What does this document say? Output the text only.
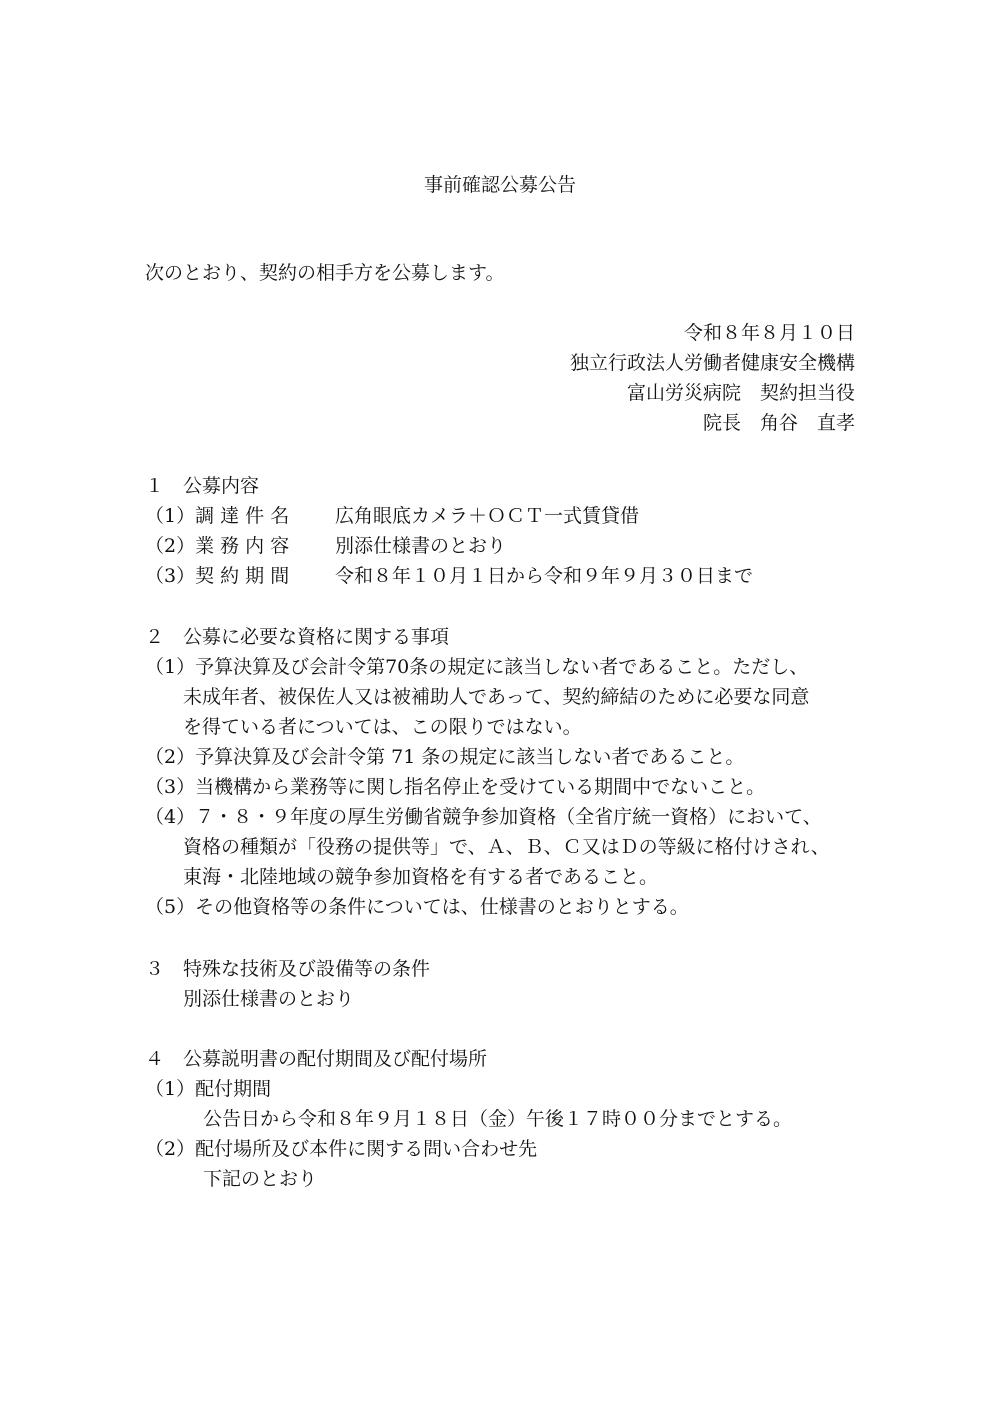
事前確認公募公告
次のとおり、契約の相手方を公募します。
令和８年８月１０日
独立行政法人労働者健康安全機構
富山労災病院　契約担当役
院長　角谷　直孝
１　公募内容
（1）調 達 件 名 広角眼底カメラ＋ＯＣＴ一式賃貸借
（2）業 務 内 容 別添仕様書のとおり
（3）契 約 期 間 令和８年１０月１日から令和９年９月３０日まで
２　公募に必要な資格に関する事項
（1）予算決算及び会計令第70条の規定に該当しない者であること。ただし、
未成年者、被保佐人又は被補助人であって、契約締結のために必要な同意
を得ている者については、この限りではない。
（2）予算決算及び会計令第 71 条の規定に該当しない者であること。
（3）当機構から業務等に関し指名停止を受けている期間中でないこと。
（4）７・８・９年度の厚生労働省競争参加資格（全省庁統一資格）において、
資格の種類が「役務の提供等」で、Ａ、Ｂ、Ｃ又はＤの等級に格付けされ、
東海・北陸地域の競争参加資格を有する者であること。
（5）その他資格等の条件については、仕様書のとおりとする。
３　特殊な技術及び設備等の条件
別添仕様書のとおり
４　公募説明書の配付期間及び配付場所
（1）配付期間
公告日から令和８年９月１８日（金）午後１７時００分までとする。
（2）配付場所及び本件に関する問い合わせ先
下記のとおり
